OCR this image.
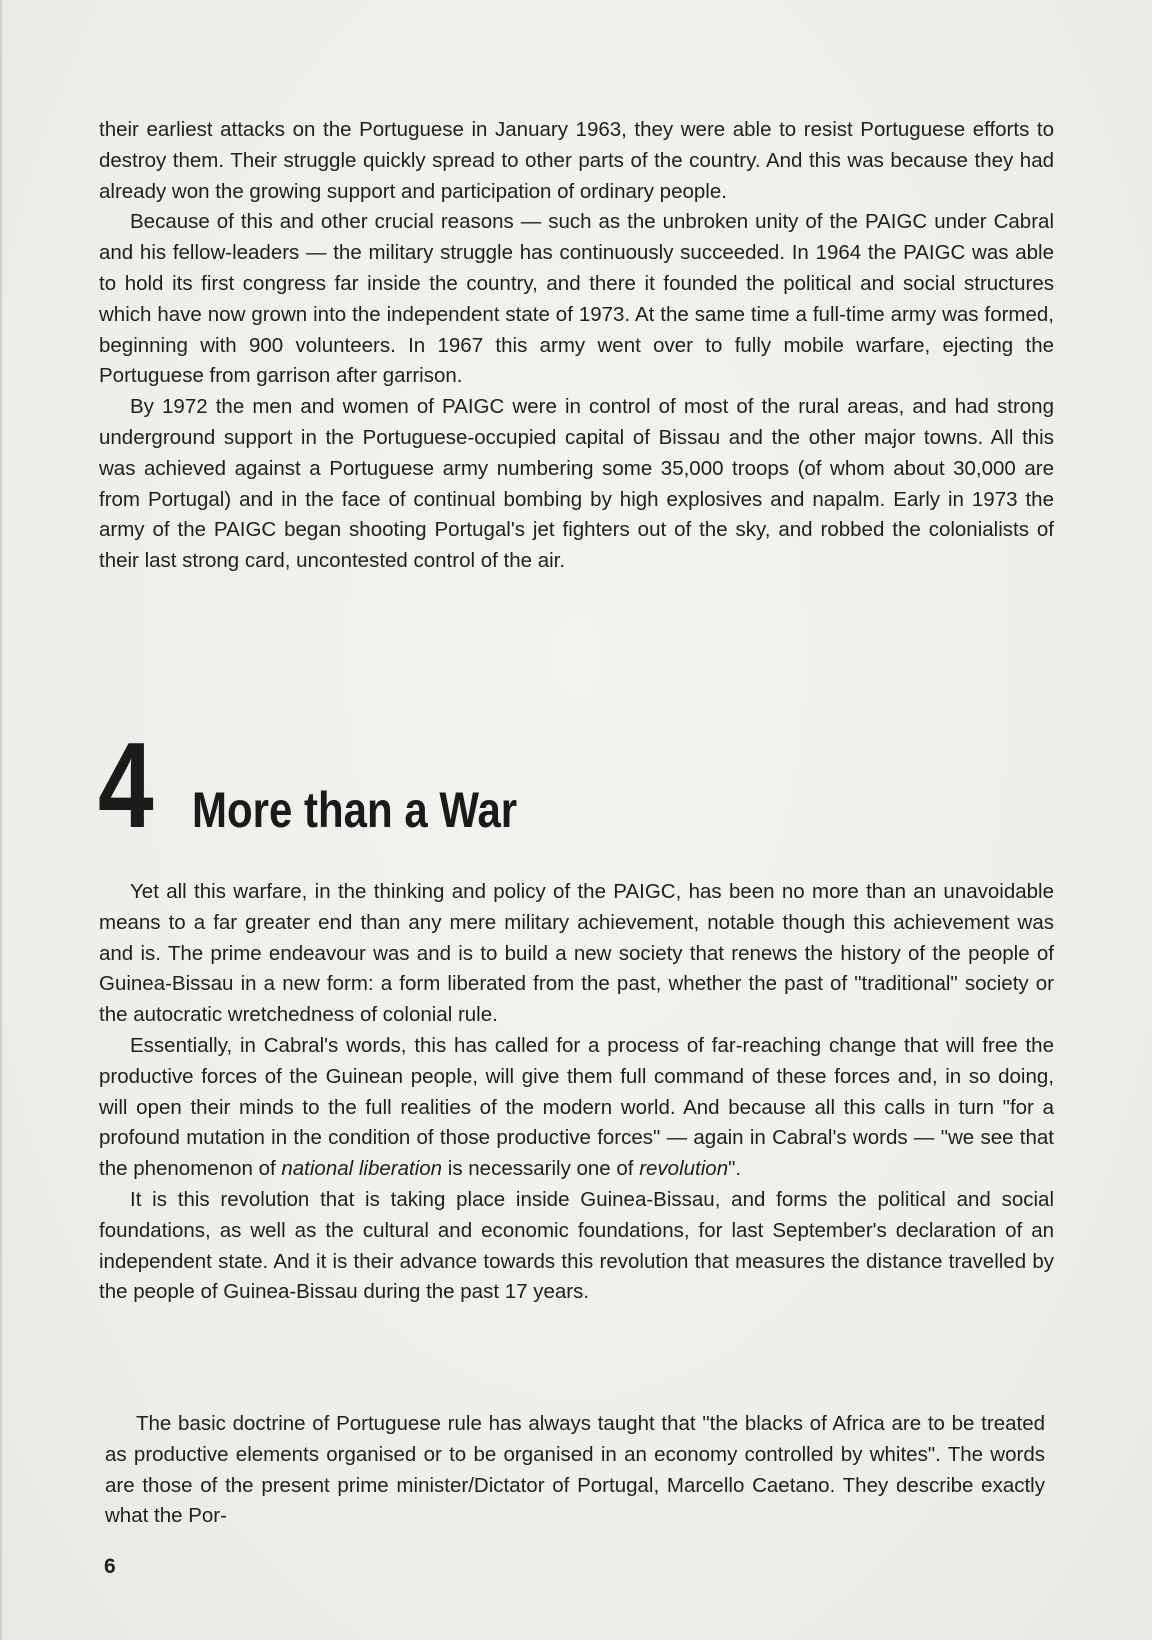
their earliest attacks on the Portuguese in January 1963, they were able to resist Portuguese efforts to destroy them. Their struggle quickly spread to other parts of the country. And this was because they had already won the growing support and participation of ordinary people.

Because of this and other crucial reasons — such as the unbroken unity of the PAIGC under Cabral and his fellow-leaders — the military struggle has continuously succeeded. In 1964 the PAIGC was able to hold its first congress far inside the country, and there it founded the political and social structures which have now grown into the independent state of 1973. At the same time a full-time army was formed, beginning with 900 volunteers. In 1967 this army went over to fully mobile warfare, ejecting the Portuguese from garrison after garrison.

By 1972 the men and women of PAIGC were in control of most of the rural areas, and had strong underground support in the Portuguese-occupied capital of Bissau and the other major towns. All this was achieved against a Portuguese army numbering some 35,000 troops (of whom about 30,000 are from Portugal) and in the face of continual bombing by high explosives and napalm. Early in 1973 the army of the PAIGC began shooting Portugal's jet fighters out of the sky, and robbed the colonialists of their last strong card, uncontested control of the air.

4 More than a War

Yet all this warfare, in the thinking and policy of the PAIGC, has been no more than an unavoidable means to a far greater end than any mere military achievement, notable though this achievement was and is. The prime endeavour was and is to build a new society that renews the history of the people of Guinea-Bissau in a new form: a form liberated from the past, whether the past of "traditional" society or the autocratic wretchedness of colonial rule.

Essentially, in Cabral's words, this has called for a process of far-reaching change that will free the productive forces of the Guinean people, will give them full command of these forces and, in so doing, will open their minds to the full realities of the modern world. And because all this calls in turn "for a profound mutation in the condition of those productive forces" — again in Cabral's words — "we see that the phenomenon of national liberation is necessarily one of revolution".

It is this revolution that is taking place inside Guinea-Bissau, and forms the political and social foundations, as well as the cultural and economic foundations, for last September's declaration of an independent state. And it is their advance towards this revolution that measures the distance travelled by the people of Guinea-Bissau during the past 17 years.

The basic doctrine of Portuguese rule has always taught that "the blacks of Africa are to be treated as productive elements organised or to be organised in an economy controlled by whites". The words are those of the present prime minister/Dictator of Portugal, Marcello Caetano. They describe exactly what the Por-

6
